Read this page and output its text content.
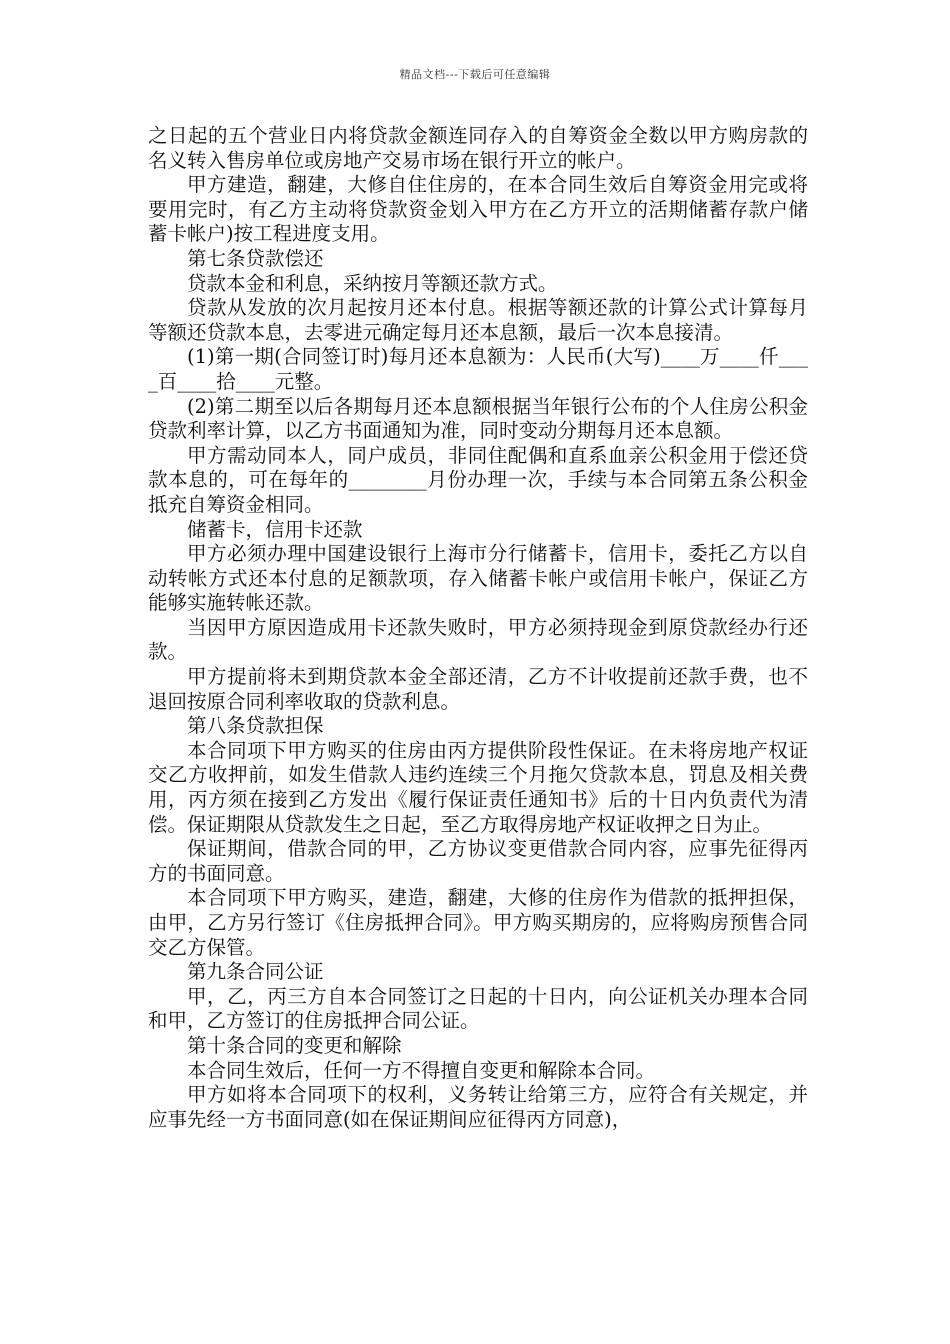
精品文档---下载后可任意编辑

之日起的五个营业日内将贷款金额连同存入的自筹资金全数以甲方购房款的名义转入售房单位或房地产交易市场在银行开立的帐户。

甲方建造，翻建，大修自住住房的，在本合同生效后自筹资金用完或将要用完时，有乙方主动将贷款资金划入甲方在乙方开立的活期储蓄存款户储蓄卡帐户)按工程进度支用。

第七条贷款偿还

贷款本金和利息，采纳按月等额还款方式。

贷款从发放的次月起按月还本付息。根据等额还款的计算公式计算每月等额还贷款本息，去零进元确定每月还本息额，最后一次本息接清。

(1)第一期(合同签订时)每月还本息额为：人民币(大写)____万____仟____百____拾____元整。

(2)第二期至以后各期每月还本息额根据当年银行公布的个人住房公积金贷款利率计算，以乙方书面通知为准，同时变动分期每月还本息额。

甲方需动同本人，同户成员，非同住配偶和直系血亲公积金用于偿还贷款本息的，可在每年的________月份办理一次，手续与本合同第五条公积金抵充自筹资金相同。

储蓄卡，信用卡还款

甲方必须办理中国建设银行上海市分行储蓄卡，信用卡，委托乙方以自动转帐方式还本付息的足额款项，存入储蓄卡帐户或信用卡帐户，保证乙方能够实施转帐还款。

当因甲方原因造成用卡还款失败时，甲方必须持现金到原贷款经办行还款。

甲方提前将未到期贷款本金全部还清，乙方不计收提前还款手费，也不退回按原合同利率收取的贷款利息。

第八条贷款担保

本合同项下甲方购买的住房由丙方提供阶段性保证。在未将房地产权证交乙方收押前，如发生借款人违约连续三个月拖欠贷款本息，罚息及相关费用，丙方须在接到乙方发出《履行保证责任通知书》后的十日内负责代为清偿。保证期限从贷款发生之日起，至乙方取得房地产权证收押之日为止。

保证期间，借款合同的甲，乙方协议变更借款合同内容，应事先征得丙方的书面同意。

本合同项下甲方购买，建造，翻建，大修的住房作为借款的抵押担保，由甲，乙方另行签订《住房抵押合同》。甲方购买期房的，应将购房预售合同交乙方保管。

第九条合同公证

甲，乙，丙三方自本合同签订之日起的十日内，向公证机关办理本合同和甲，乙方签订的住房抵押合同公证。

第十条合同的变更和解除

本合同生效后，任何一方不得擅自变更和解除本合同。

甲方如将本合同项下的权利，义务转让给第三方，应符合有关规定，并应事先经一方书面同意(如在保证期间应征得丙方同意)，
